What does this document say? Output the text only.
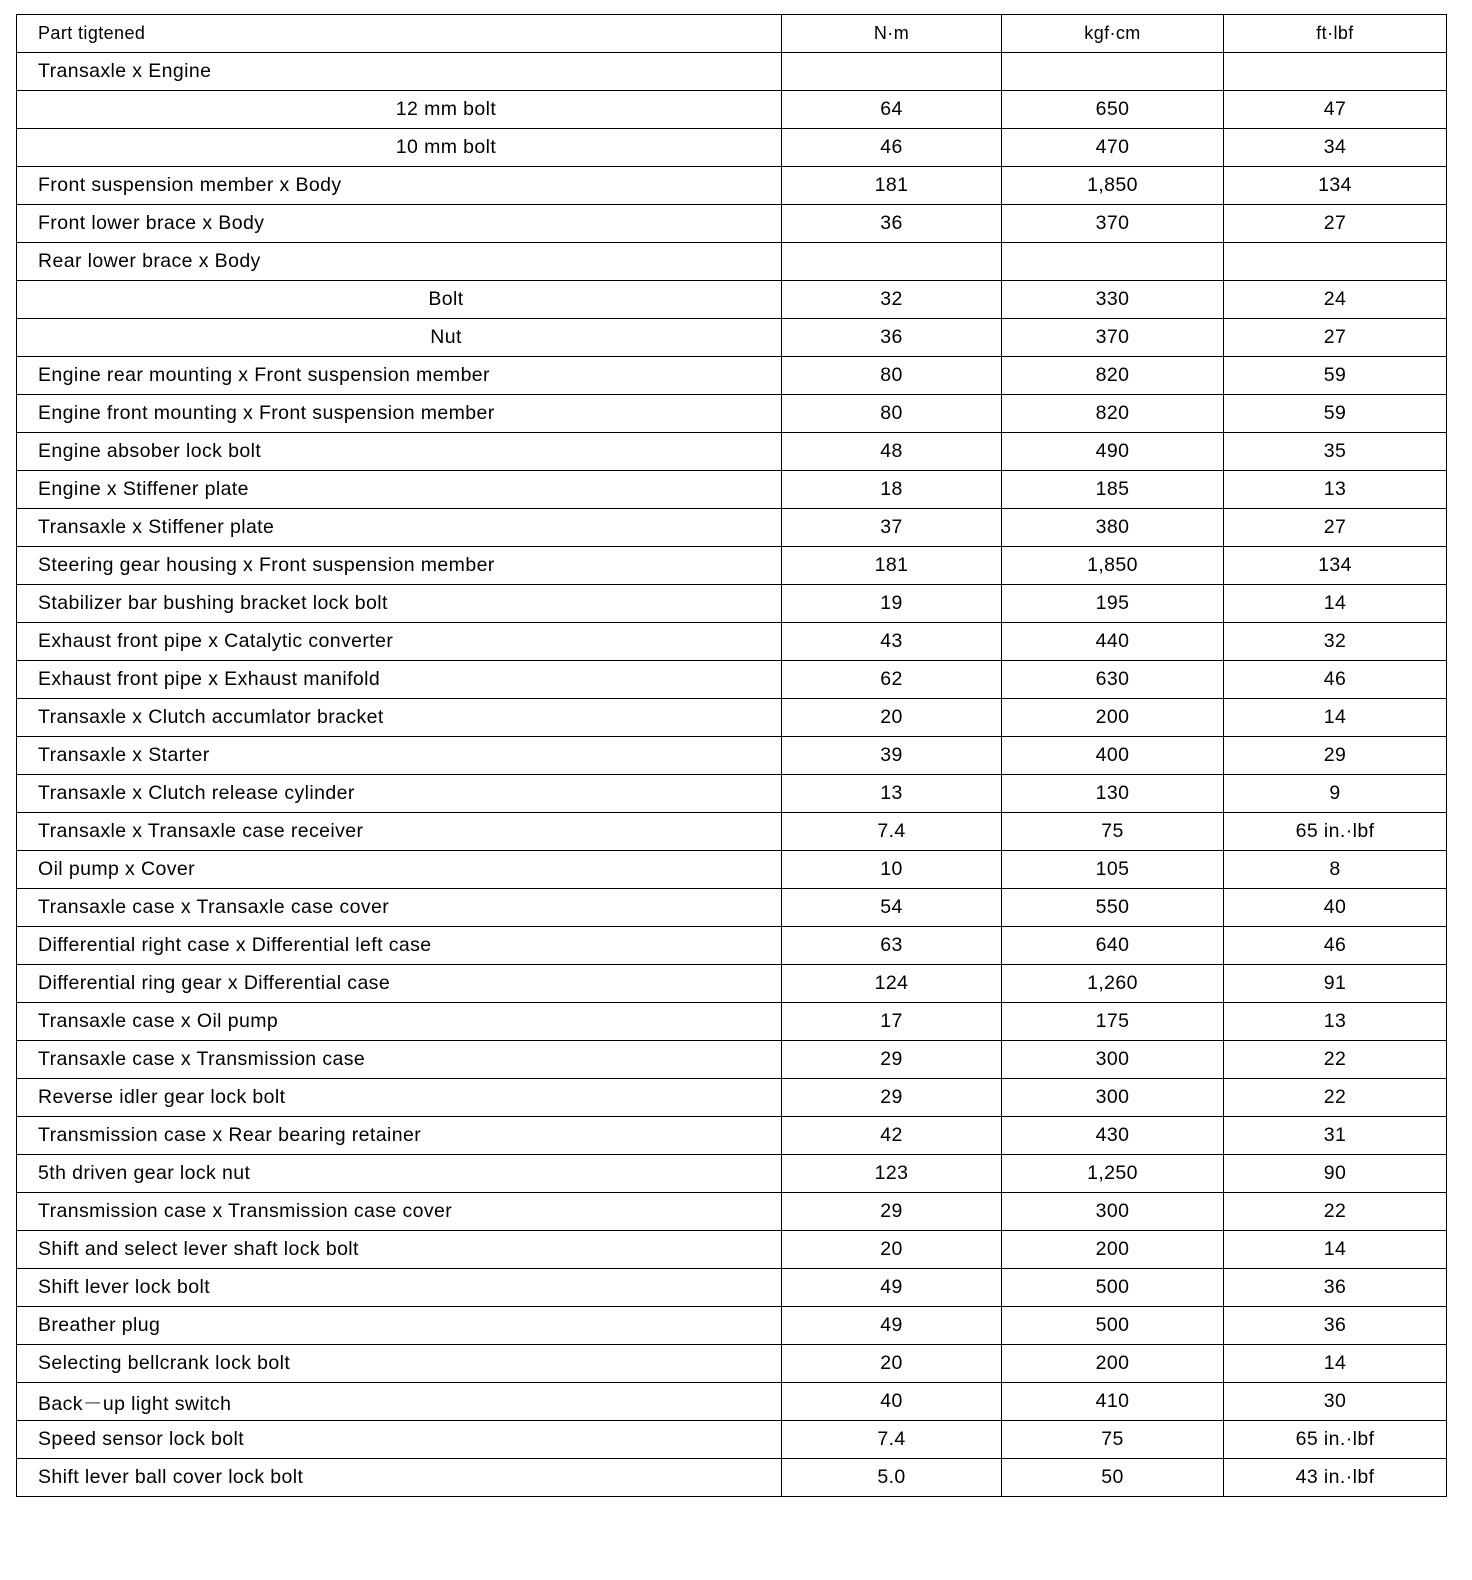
Part tigtened	N·m	kgf·cm	ft·lbf
Transaxle x Engine			
12 mm bolt	64	650	47
10 mm bolt	46	470	34
Front suspension member x Body	181	1,850	134
Front lower brace x Body	36	370	27
Rear lower brace x Body			
Bolt	32	330	24
Nut	36	370	27
Engine rear mounting x Front suspension member	80	820	59
Engine front mounting x Front suspension member	80	820	59
Engine absober lock bolt	48	490	35
Engine x Stiffener plate	18	185	13
Transaxle x Stiffener plate	37	380	27
Steering gear housing x Front suspension member	181	1,850	134
Stabilizer bar bushing bracket lock bolt	19	195	14
Exhaust front pipe x Catalytic converter	43	440	32
Exhaust front pipe x Exhaust manifold	62	630	46
Transaxle x Clutch accumlator bracket	20	200	14
Transaxle x Starter	39	400	29
Transaxle x Clutch release cylinder	13	130	9
Transaxle x Transaxle case receiver	7.4	75	65 in.·lbf
Oil pump x Cover	10	105	8
Transaxle case x Transaxle case cover	54	550	40
Differential right case x Differential left case	63	640	46
Differential ring gear x Differential case	124	1,260	91
Transaxle case x Oil pump	17	175	13
Transaxle case x Transmission case	29	300	22
Reverse idler gear lock bolt	29	300	22
Transmission case x Rear bearing retainer	42	430	31
5th driven gear lock nut	123	1,250	90
Transmission case x Transmission case cover	29	300	22
Shift and select lever shaft lock bolt	20	200	14
Shift lever lock bolt	49	500	36
Breather plug	49	500	36
Selecting bellcrank lock bolt	20	200	14
Back－up light switch	40	410	30
Speed sensor lock bolt	7.4	75	65 in.·lbf
Shift lever ball cover lock bolt	5.0	50	43 in.·lbf
